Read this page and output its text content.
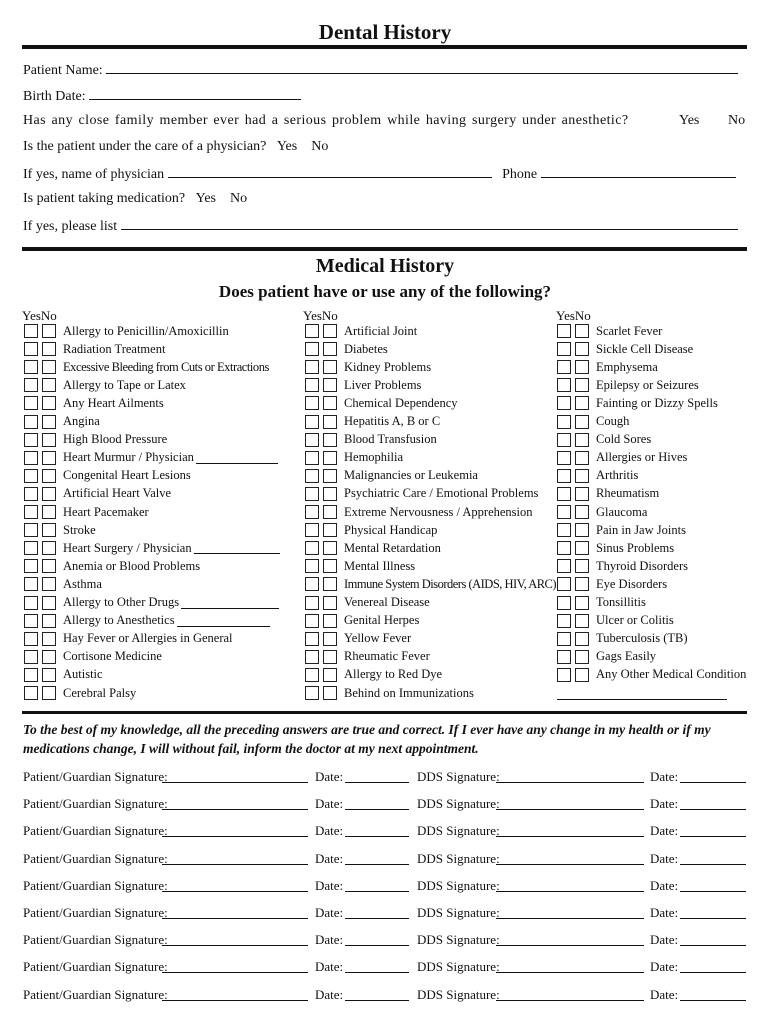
Dental History
Patient Name:
Birth Date:
Has any close family member ever had a serious problem while having surgery under anesthetic?	Yes No
Is the patient under the care of a physician? Yes No
If yes, name of physician	Phone
Is patient taking medication? Yes No
If yes, please list
Medical History
Does patient have or use any of the following?
YesNo	YesNo	YesNo
Allergy to Penicillin/Amoxicillin
Radiation Treatment
Excessive Bleeding from Cuts or Extractions
Allergy to Tape or Latex
Any Heart Ailments
Angina
High Blood Pressure
Heart Murmur / Physician
Congenital Heart Lesions
Artificial Heart Valve
Heart Pacemaker
Stroke
Heart Surgery / Physician
Anemia or Blood Problems
Asthma
Allergy to Other Drugs
Allergy to Anesthetics
Hay Fever or Allergies in General
Cortisone Medicine
Autistic
Cerebral Palsy
Artificial Joint
Diabetes
Kidney Problems
Liver Problems
Chemical Dependency
Hepatitis A, B or C
Blood Transfusion
Hemophilia
Malignancies or Leukemia
Psychiatric Care / Emotional Problems
Extreme Nervousness / Apprehension
Physical Handicap
Mental Retardation
Mental Illness
Immune System Disorders (AIDS, HIV, ARC)
Venereal Disease
Genital Herpes
Yellow Fever
Rheumatic Fever
Allergy to Red Dye
Behind on Immunizations
Scarlet Fever
Sickle Cell Disease
Emphysema
Epilepsy or Seizures
Fainting or Dizzy Spells
Cough
Cold Sores
Allergies or Hives
Arthritis
Rheumatism
Glaucoma
Pain in Jaw Joints
Sinus Problems
Thyroid Disorders
Eye Disorders
Tonsillitis
Ulcer or Colitis
Tuberculosis (TB)
Gags Easily
Any Other Medical Condition
To the best of my knowledge, all the preceding answers are true and correct. If I ever have any change in my health or if my medications change, I will without fail, inform the doctor at my next appointment.
Patient/Guardian Signature:	Date:	DDS Signature:	Date:
Patient/Guardian Signature:	Date:	DDS Signature:	Date:
Patient/Guardian Signature:	Date:	DDS Signature:	Date:
Patient/Guardian Signature:	Date:	DDS Signature:	Date:
Patient/Guardian Signature:	Date:	DDS Signature:	Date:
Patient/Guardian Signature:	Date:	DDS Signature:	Date:
Patient/Guardian Signature:	Date:	DDS Signature:	Date:
Patient/Guardian Signature:	Date:	DDS Signature:	Date:
Patient/Guardian Signature:	Date:	DDS Signature:	Date:
